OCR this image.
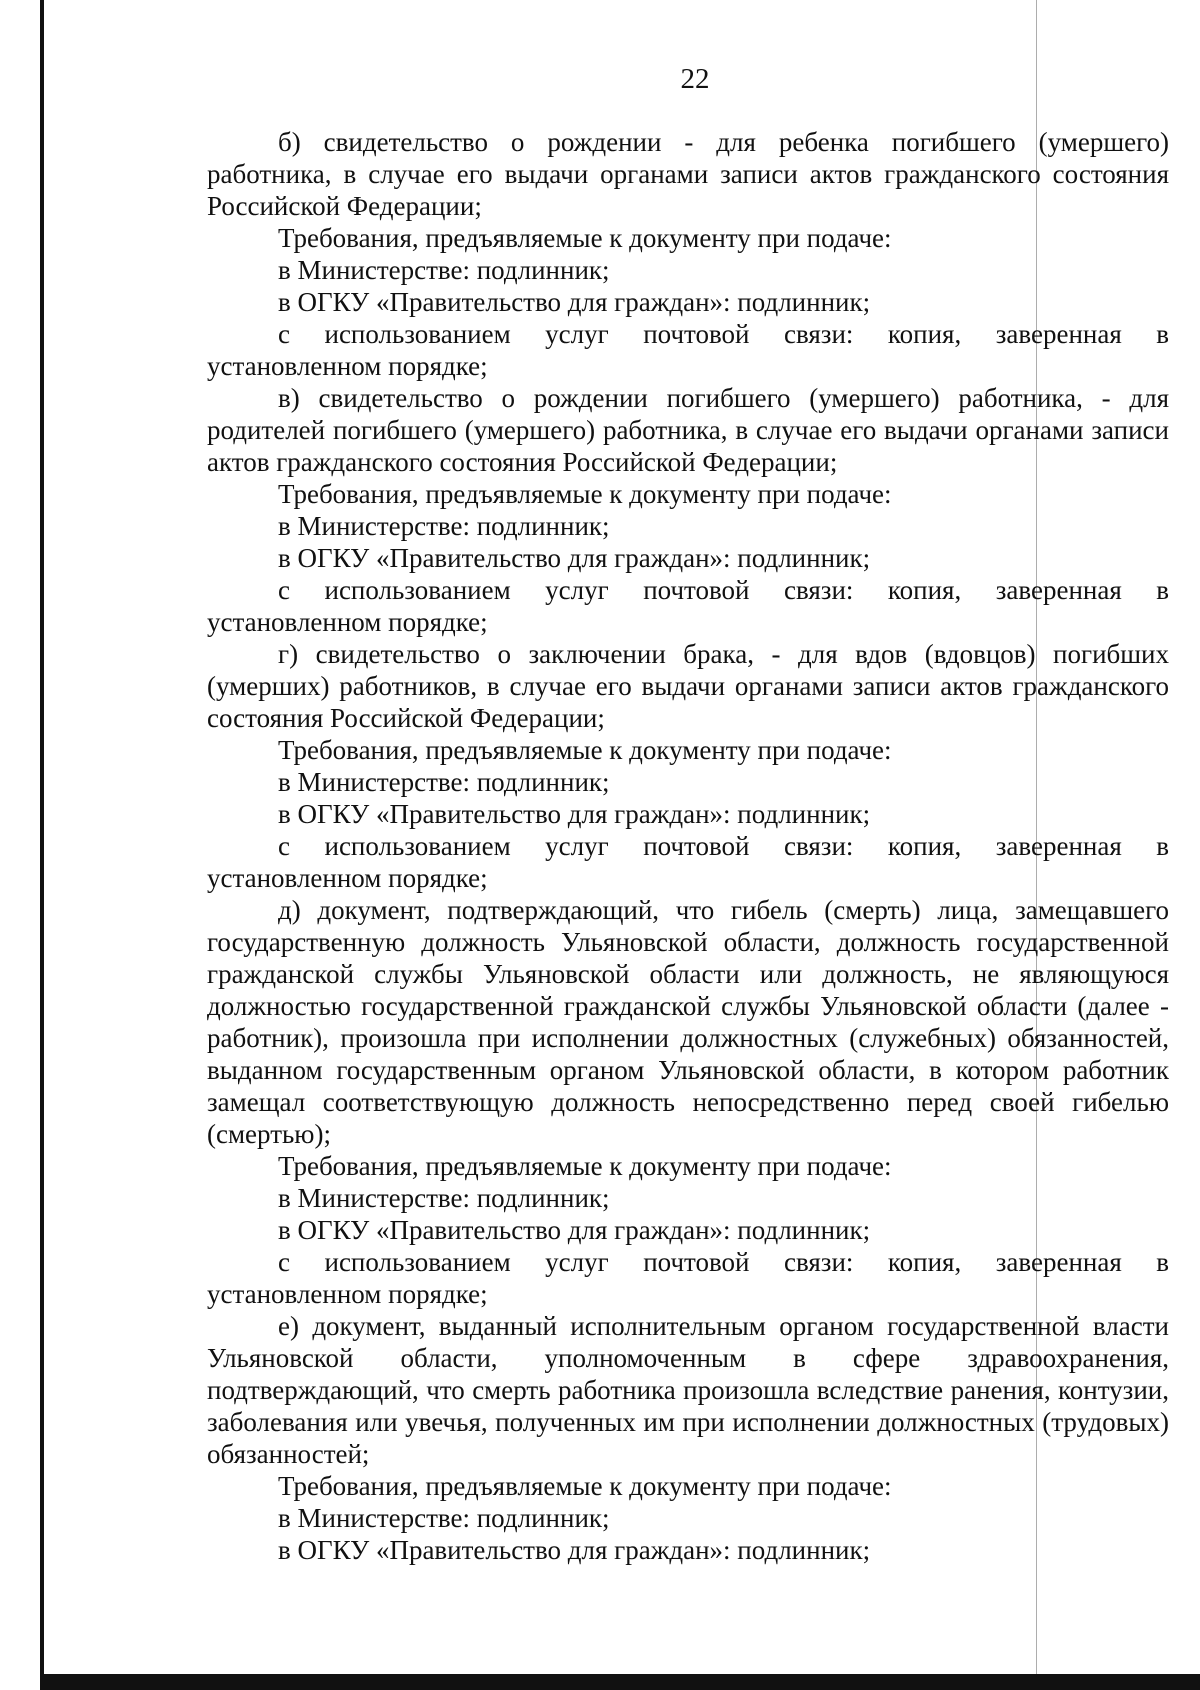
22

б) свидетельство о рождении - для ребенка погибшего (умершего) работника, в случае его выдачи органами записи актов гражданского состояния Российской Федерации;

Требования, предъявляемые к документу при подаче:

в Министерстве: подлинник;

в ОГКУ «Правительство для граждан»: подлинник;

с использованием услуг почтовой связи: копия, заверенная в

установленном порядке;

в) свидетельство о рождении погибшего (умершего) работника, - для родителей погибшего (умершего) работника, в случае его выдачи органами записи актов гражданского состояния Российской Федерации;

Требования, предъявляемые к документу при подаче:

в Министерстве: подлинник;

в ОГКУ «Правительство для граждан»: подлинник;

с использованием услуг почтовой связи: копия, заверенная в

установленном порядке;

г) свидетельство о заключении брака, - для вдов (вдовцов) погибших (умерших) работников, в случае его выдачи органами записи актов гражданского состояния Российской Федерации;

Требования, предъявляемые к документу при подаче:

в Министерстве: подлинник;

в ОГКУ «Правительство для граждан»: подлинник;

с использованием услуг почтовой связи: копия, заверенная в

установленном порядке;

д) документ, подтверждающий, что гибель (смерть) лица, замещавшего государственную должность Ульяновской области, должность государственной гражданской службы Ульяновской области или должность, не являющуюся должностью государственной гражданской службы Ульяновской области (далее - работник), произошла при исполнении должностных (служебных) обязанностей, выданном государственным органом Ульяновской области, в котором работник замещал соответствующую должность непосредственно перед своей гибелью (смертью);

Требования, предъявляемые к документу при подаче:

в Министерстве: подлинник;

в ОГКУ «Правительство для граждан»: подлинник;

с использованием услуг почтовой связи: копия, заверенная в

установленном порядке;

е) документ, выданный исполнительным органом государственной власти Ульяновской области, уполномоченным в сфере здравоохранения, подтверждающий, что смерть работника произошла вследствие ранения, контузии, заболевания или увечья, полученных им при исполнении должностных (трудовых) обязанностей;

Требования, предъявляемые к документу при подаче:

в Министерстве: подлинник;

в ОГКУ «Правительство для граждан»: подлинник;
